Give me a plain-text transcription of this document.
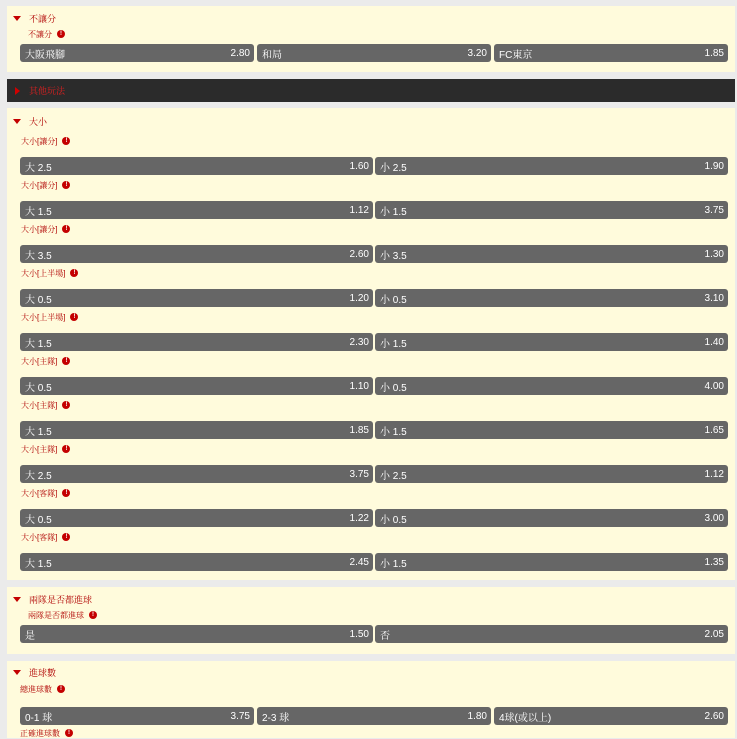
不讓分
不讓分	!
大阪飛腳	2.80 和局	3.20 FC東京	1.85
其他玩法
大小
大小[讓分]	!
大 2.5	1.60 小 2.5	1.90
大小[讓分]	!
大 1.5	1.12 小 1.5	3.75
大小[讓分]	!
大 3.5	2.60 小 3.5	1.30
大小[上半場]	!
大 0.5	1.20 小 0.5	3.10
大小[上半場]	!
大 1.5	2.30 小 1.5	1.40
大小[主隊]	!
大 0.5	1.10 小 0.5	4.00
大小[主隊]	!
大 1.5	1.85 小 1.5	1.65
大小[主隊]	!
大 2.5	3.75 小 2.5	1.12
大小[客隊]	!
大 0.5	1.22 小 0.5	3.00
大小[客隊]	!
大 1.5	2.45 小 1.5	1.35
兩隊是否都進球
兩隊是否都進球	!
是	1.50 否	2.05
進球數
總進球數	!
0-1 球	3.75 2-3 球	1.80 4球(或以上)	2.60
正確進球數	!
